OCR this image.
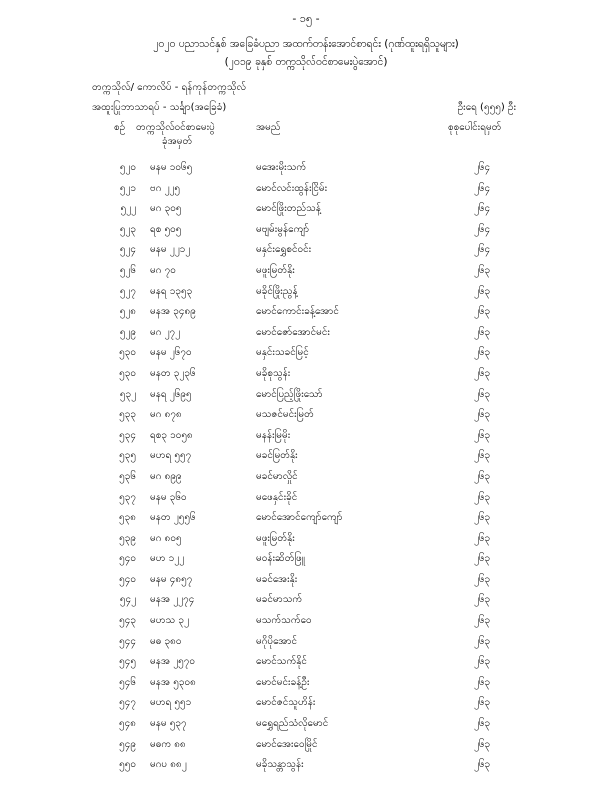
- ၁၅ -
၂၀၂၀ ပညာသင်နှစ် အခြေခံပညာ အထက်တန်းအောင်စာရင်း (ဂုဏ်ထူးရရှိသူများ)
(၂၀၁၉ ခုနှစ် တက္ကသိုလ်ဝင်စာမေးပွဲအောင်)
တက္ကသိုလ်/ ကောလိပ် - ရန်ကုန်တက္ကသိုလ်
အထူးပြုဘာသာရပ် - သင်္ချာ(အခြေခံ)	ဦးရေ (၅၅၅) ဦး
စဉ် တက္ကသိုလ်ဝင်စာမေးပွဲ	အမည်	စုစုပေါင်းရမှတ်
ခုံအမှတ်
၅၂၀ မနမ ၁၀၆၅	မအေးမိုးသက်	၂၆၄
၅၂၁ ဗဂ ၂၂၅	မောင်လင်းထွန်းငြိမ်း	၂၆၄
၅၂၂ မဂ ၃၀၅	မောင်ဖြိုးတည်သန့်	၂၆၄
၅၂၃ ရစ ၅၀၅	မဗျမ်းမွန်ကျော်	၂၆၄
၅၂၄ မနမ ၂၂၁၂	မနှင်းရွှေစင်ဝင်း	၂၆၄
၅၂၆ မဂ ၇၀	မဖူးမြတ်နိုး	၂၆၃
၅၂၇ မနရ ၁၃၅၃	မခိုင်ဖြိုးညွန့်	၂၆၃
၅၂၈ မနအ ၃၄၈၉	မောင်ကောင်းခန့်အောင်	၂၆၃
၅၂၉ မဂ ၂၇၂	မောင်ဇော်အောင်မင်း	၂၆၃
၅၃၀ မနမ ၂၆၇၀	မနှင်းသခင်မြင့်	၂၆၃
၅၃၀ မနတ ၃၂၃၆	မခိုစုသွန်း	၂၆၃
၅၃၂ မနရ ၂၆၉၅	မောင်ပြည့်ဖြိုးသော်	၂၆၃
၅၃၃ မဂ ၈၇၈	မသဇင်မင်းမြတ်	၂၆၃
၅၃၄ ရစ၃ ၁၀၅၈	မနန်းမြမိုး	၂၆၃
၅၃၅ မဟရ ၅၅၇	မခင်မြတ်နိုး	၂၆၃
၅၃၆ မဂ ၈၉၉	မခင်မာလှိုင်	၂၆၃
၅၃၇ မနမ ၃၆၀	မဖေနှင်းခိုင်	၂၆၃
၅၃၈ မနတ ၂၅၅၆	မောင်အောင်ကျော်ကျော်	၂၆၃
၅၃၉ မဂ ၈၀၅	မဖူးမြတ်နိုး	၂၆၃
၅၄၀ မဟ ၁၂၂	မဝန်းဆိတ်ဖြူ	၂၆၃
၅၄၀ မနမ ၄၈၅၇	မခင်အေးနိုး	၂၆၃
၅၄၂ မနအ ၂၂၇၄	မခင်မာသက်	၂၆၃
၅၄၃ မဟသ ၃၂	မသက်သက်ဝေ	၂၆၃
၅၄၄ မဓ ၃၈၀	မဂိုပိုအောင်	၂၆၃
၅၄၅ မနအ ၂၅၇၀	မောင်သက်နိုင်	၂၆၃
၅၄၆ မနအ ၅၃၀၈	မောင်မင်းခန့်ဦး	၂၆၃
၅၄၇ မဟရ ၅၅၁	မောင်ဇင်သူဟိန်း	၂၆၃
၅၄၈ မနမ ၅၃၇	မရွှေရည်သံလိုမောင်	၂၆၃
၅၄၉ မဓက ၈၈	မောင်အေးဝေမြိုင်	၂၆၃
၅၅၀ မဂပ ၈၈၂	မခိုသန္တာသွန်း	၂၆၃
